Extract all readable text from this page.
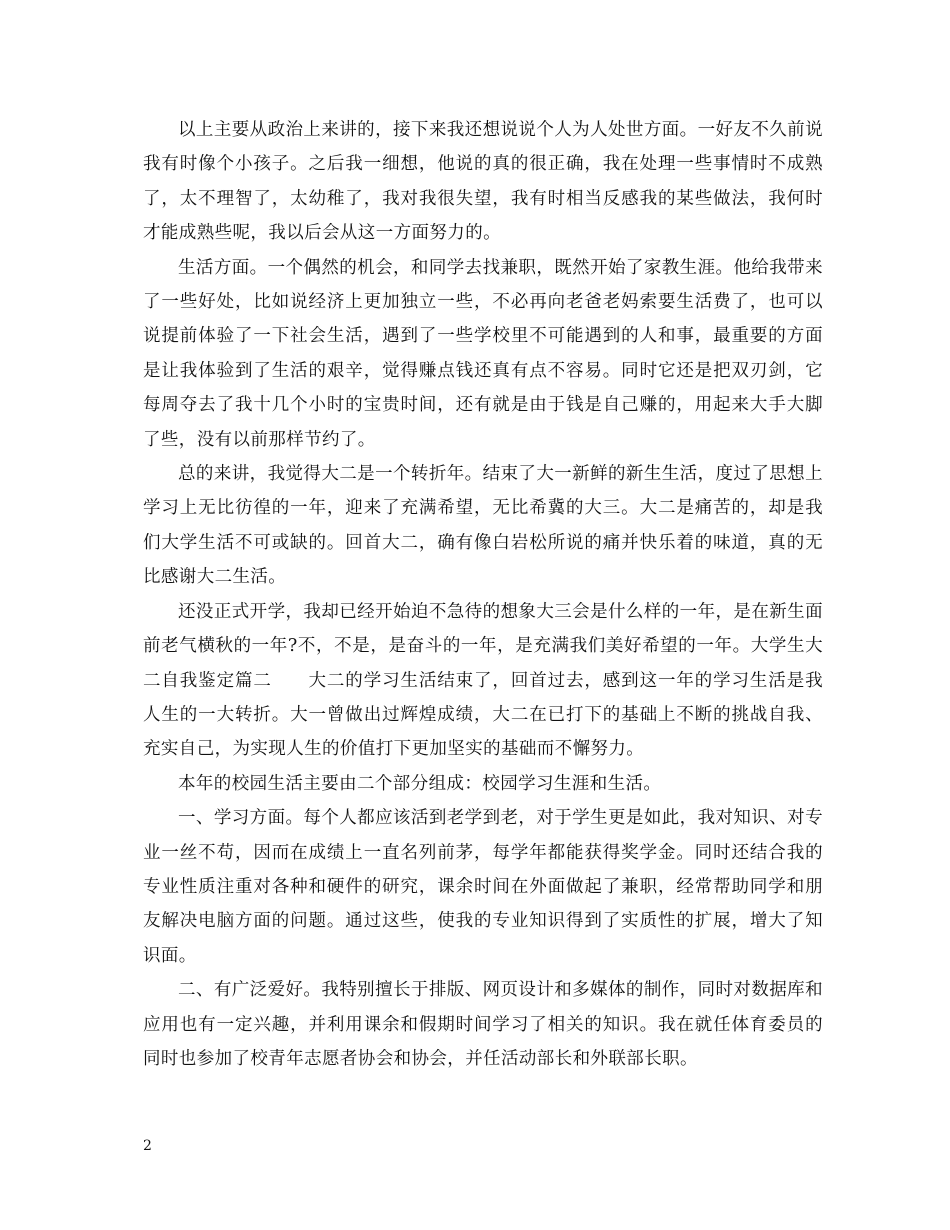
以上主要从政治上来讲的，接下来我还想说说个人为人处世方面。一好友不久前说我有时像个小孩子。之后我一细想，他说的真的很正确，我在处理一些事情时不成熟了，太不理智了，太幼稚了，我对我很失望，我有时相当反感我的某些做法，我何时才能成熟些呢，我以后会从这一方面努力的。

生活方面。一个偶然的机会，和同学去找兼职，既然开始了家教生涯。他给我带来了一些好处，比如说经济上更加独立一些，不必再向老爸老妈索要生活费了，也可以说提前体验了一下社会生活，遇到了一些学校里不可能遇到的人和事，最重要的方面是让我体验到了生活的艰辛，觉得赚点钱还真有点不容易。同时它还是把双刃剑，它每周夺去了我十几个小时的宝贵时间，还有就是由于钱是自己赚的，用起来大手大脚了些，没有以前那样节约了。

总的来讲，我觉得大二是一个转折年。结束了大一新鲜的新生生活，度过了思想上学习上无比彷徨的一年，迎来了充满希望，无比希冀的大三。大二是痛苦的，却是我们大学生活不可或缺的。回首大二，确有像白岩松所说的痛并快乐着的味道，真的无比感谢大二生活。

还没正式开学，我却已经开始迫不急待的想象大三会是什么样的一年，是在新生面前老气横秋的一年?不，不是，是奋斗的一年，是充满我们美好希望的一年。大学生大二自我鉴定篇二　　大二的学习生活结束了，回首过去，感到这一年的学习生活是我人生的一大转折。大一曾做出过辉煌成绩，大二在已打下的基础上不断的挑战自我、充实自己，为实现人生的价值打下更加坚实的基础而不懈努力。

本年的校园生活主要由二个部分组成：校园学习生涯和生活。

一、学习方面。每个人都应该活到老学到老，对于学生更是如此，我对知识、对专业一丝不苟，因而在成绩上一直名列前茅，每学年都能获得奖学金。同时还结合我的专业性质注重对各种和硬件的研究，课余时间在外面做起了兼职，经常帮助同学和朋友解决电脑方面的问题。通过这些，使我的专业知识得到了实质性的扩展，增大了知识面。

二、有广泛爱好。我特别擅长于排版、网页设计和多媒体的制作，同时对数据库和应用也有一定兴趣，并利用课余和假期时间学习了相关的知识。我在就任体育委员的同时也参加了校青年志愿者协会和协会，并任活动部长和外联部长职。

2
